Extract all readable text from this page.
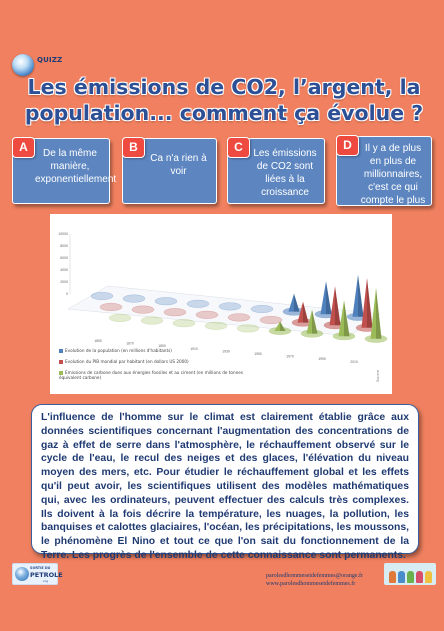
QUIZZ
Les émissions de CO2, l’argent, la population... comment ça évolue ?
A	De la même manière, exponentiellement
B
Ca n'a rien à voir
C	Les émissions de CO2 sont liées à la croissance
D	Il y a de plus en plus de millionnaires, c'est ce qui compte le plus
10000
8000
6000
4000
2000
0
1850
1870
1890
1910
1930
1950
1970
1990
2010
Evolution de la population (en millions d'habitants)
Evolution du PIB mondial par habitant (en dollars US 2000)
Emissions de carbone dues aux énergies fossiles et au ciment (en millions de tonnes équivalent carbone)	Source

L'influence de l'homme sur le climat est clairement établie grâce aux données scientifiques concernant l'augmentation des concentrations de gaz à effet de serre dans l'atmosphère, le réchauffement observé sur le cycle de l'eau, le recul des neiges et des glaces, l'élévation du niveau moyen des mers, etc. Pour étudier le réchauffement global et les effets qu'il peut avoir, les scientifiques utilisent des modèles mathématiques qui, avec les ordinateurs, peuvent effectuer des calculs très complexes. Ils doivent à la fois décrire la température, les nuages, la pollution, les banquises et calottes glaciaires, l'océan, les précipitations, les moussons, le phénomène El Nino et tout ce que l'on sait du fonctionnement de la Terre. Les progrès de l'ensemble de cette connaissance sont permanents.

SORTIE DU
PETROLE
.org
parolesdhommesetdefemmes@orange.fr
www.parolesdhommesetdefemmes.fr
